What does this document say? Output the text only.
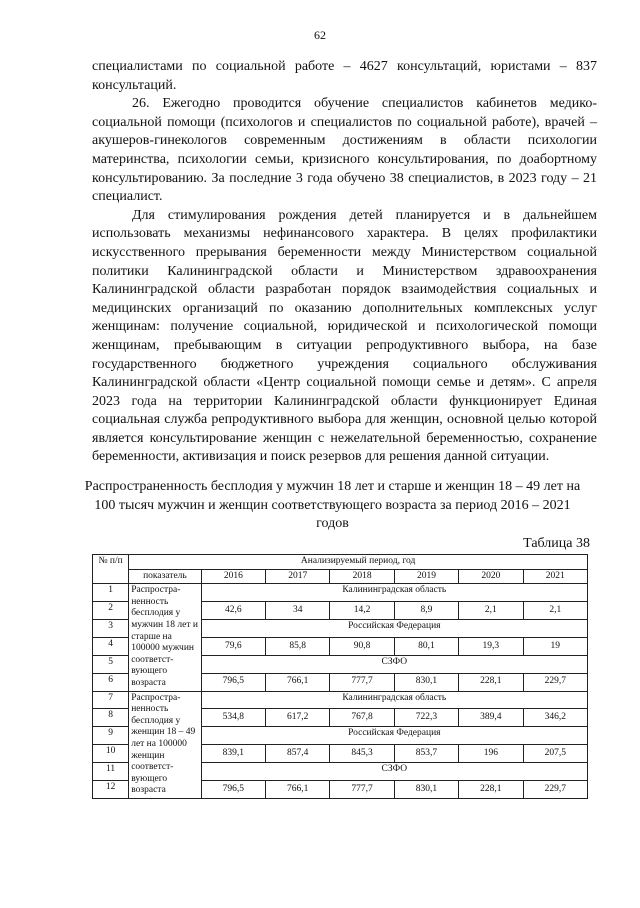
62

специалистами по социальной работе – 4627 консультаций, юристами – 837 консультаций.

26. Ежегодно проводится обучение специалистов кабинетов медико-социальной помощи (психологов и специалистов по социальной работе), врачей – акушеров-гинекологов современным достижениям в области психологии материнства, психологии семьи, кризисного консультирования, по доабортному консультированию. За последние 3 года обучено 38 специалистов, в 2023 году – 21 специалист.

Для стимулирования рождения детей планируется и в дальнейшем использовать механизмы нефинансового характера. В целях профилактики искусственного прерывания беременности между Министерством социальной политики Калининградской области и Министерством здравоохранения Калининградской области разработан порядок взаимодействия социальных и медицинских организаций по оказанию дополнительных комплексных услуг женщинам: получение социальной, юридической и психологической помощи женщинам, пребывающим в ситуации репродуктивного выбора, на базе государственного бюджетного учреждения социального обслуживания Калининградской области «Центр социальной помощи семье и детям». С апреля 2023 года на территории Калининградской области функционирует Единая социальная служба репродуктивного выбора для женщин, основной целью которой является консультирование женщин с нежелательной беременностью, сохранение беременности, активизация и поиск резервов для решения данной ситуации.

Распространенность бесплодия у мужчин 18 лет и старше и женщин 18 – 49 лет на 100 тысяч мужчин и женщин соответствующего возраста за период 2016 – 2021 годов
Таблица 38
№ п/п	Анализируемый период, год						
	показатель	2016	2017	2018	2019	2020	2021
1	Распростра-ненность бесплодия у мужчин 18 лет и старше на 100000 мужчин соответст-вующего возраста	Калининградская область					
2		42,6	34	14,2	8,9	2,1	2,1
3		Российская Федерация					
4		79,6	85,8	90,8	80,1	19,3	19
5		СЗФО					
6		796,5	766,1	777,7	830,1	228,1	229,7
7	Распростра-ненность бесплодия у женщин 18 – 49 лет на 100000 женщин соответст-вующего возраста	Калининградская область					
8		534,8	617,2	767,8	722,3	389,4	346,2
9		Российская Федерация					
10		839,1	857,4	845,3	853,7	196	207,5
11		СЗФО					
12		796,5	766,1	777,7	830,1	228,1	229,7
